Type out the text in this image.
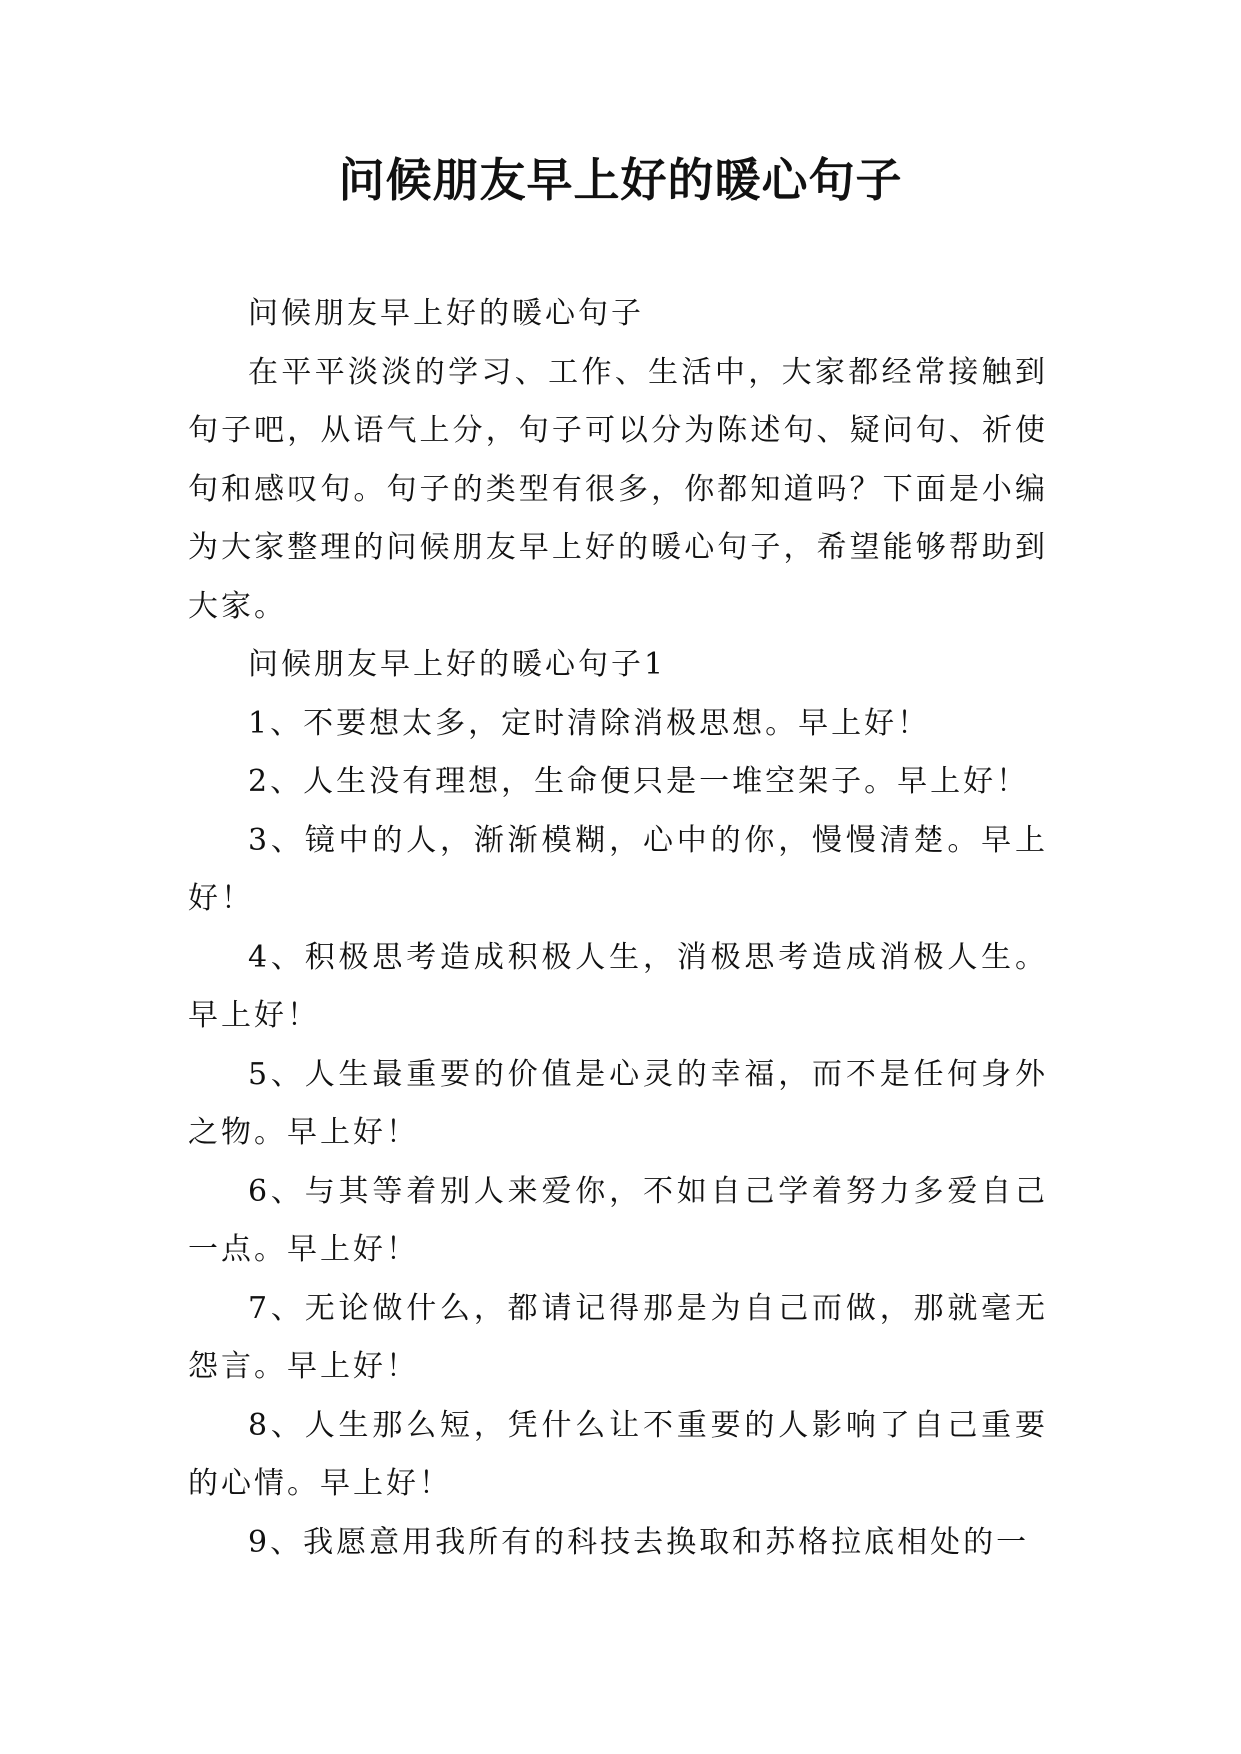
问候朋友早上好的暖心句子

问候朋友早上好的暖心句子

在平平淡淡的学习、工作、生活中，大家都经常接触到句子吧，从语气上分，句子可以分为陈述句、疑问句、祈使句和感叹句。句子的类型有很多，你都知道吗？下面是小编为大家整理的问候朋友早上好的暖心句子，希望能够帮助到大家。

问候朋友早上好的暖心句子1

1、不要想太多，定时清除消极思想。早上好！

2、人生没有理想，生命便只是一堆空架子。早上好！

3、镜中的人，渐渐模糊，心中的你，慢慢清楚。早上好！

4、积极思考造成积极人生，消极思考造成消极人生。早上好！

5、人生最重要的价值是心灵的幸福，而不是任何身外之物。早上好！

6、与其等着别人来爱你，不如自己学着努力多爱自己一点。早上好！

7、无论做什么，都请记得那是为自己而做，那就毫无怨言。早上好！

8、人生那么短，凭什么让不重要的人影响了自己重要的心情。早上好！

9、我愿意用我所有的科技去换取和苏格拉底相处的一
